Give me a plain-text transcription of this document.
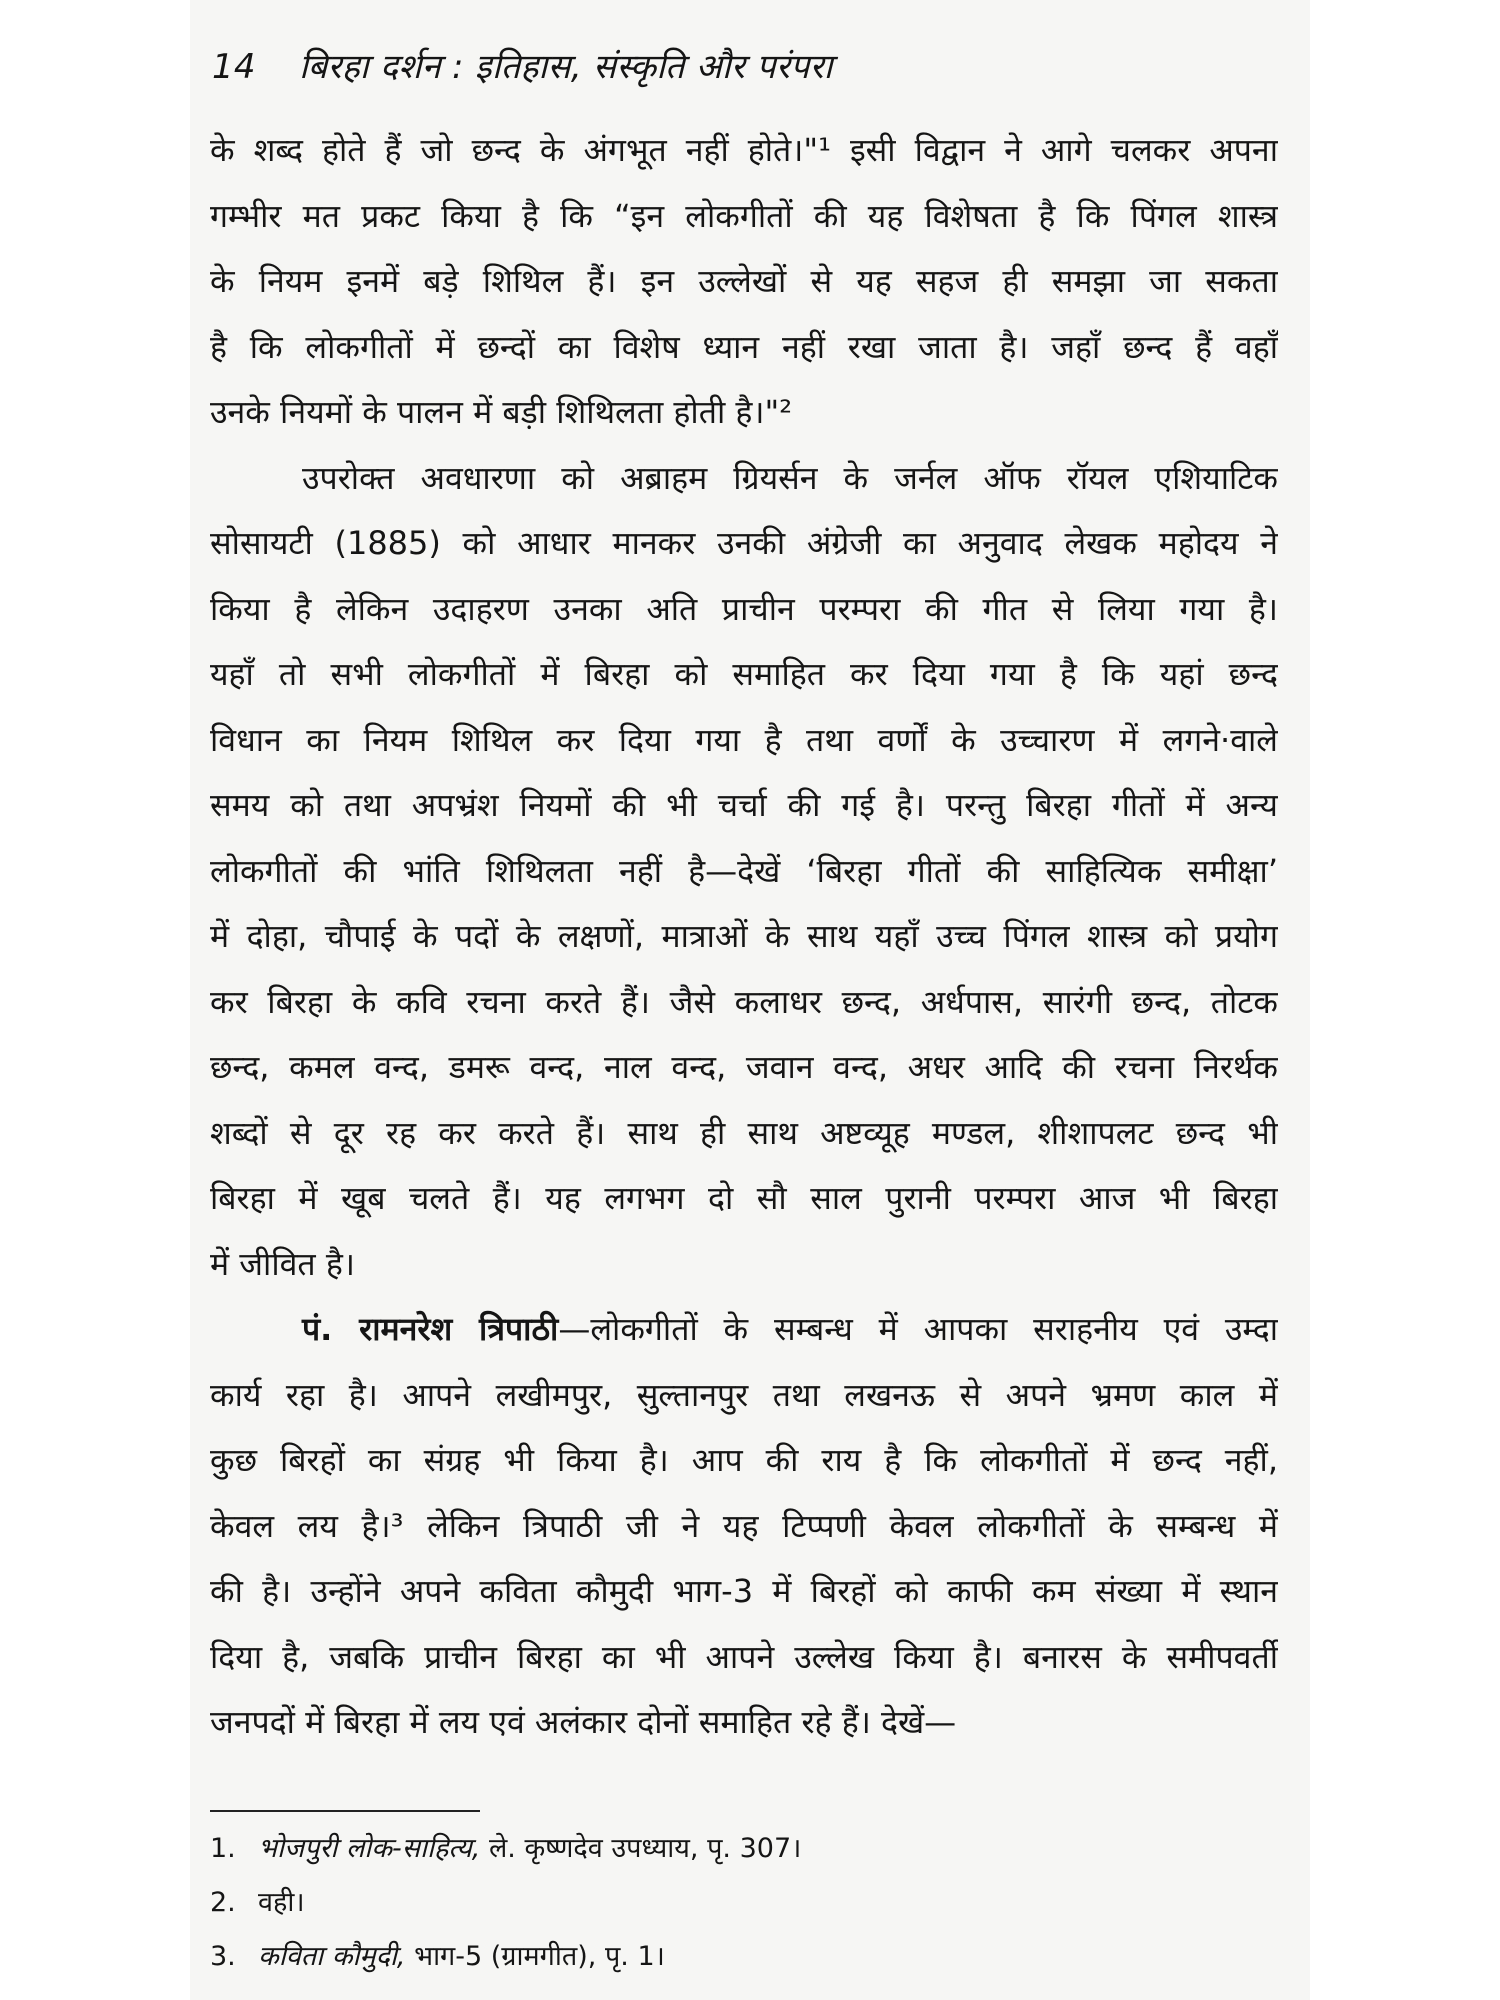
14 बिरहा दर्शन : इतिहास, संस्कृति और परंपरा
के शब्द होते हैं जो छन्द के अंगभूत नहीं होते।"¹ इसी विद्वान ने आगे चलकर अपना
गम्भीर मत प्रकट किया है कि “इन लोकगीतों की यह विशेषता है कि पिंगल शास्त्र
के नियम इनमें बड़े शिथिल हैं। इन उल्लेखों से यह सहज ही समझा जा सकता
है कि लोकगीतों में छन्दों का विशेष ध्यान नहीं रखा जाता है। जहाँ छन्द हैं वहाँ
उनके नियमों के पालन में बड़ी शिथिलता होती है।"²
उपरोक्त अवधारणा को अब्राहम ग्रियर्सन के जर्नल ऑफ रॉयल एशियाटिक
सोसायटी (1885) को आधार मानकर उनकी अंग्रेजी का अनुवाद लेखक महोदय ने
किया है लेकिन उदाहरण उनका अति प्राचीन परम्परा की गीत से लिया गया है।
यहाँ तो सभी लोकगीतों में बिरहा को समाहित कर दिया गया है कि यहां छन्द
विधान का नियम शिथिल कर दिया गया है तथा वर्णों के उच्चारण में लगने·वाले
समय को तथा अपभ्रंश नियमों की भी चर्चा की गई है। परन्तु बिरहा गीतों में अन्य
लोकगीतों की भांति शिथिलता नहीं है—देखें ‘बिरहा गीतों की साहित्यिक समीक्षा’
में दोहा, चौपाई के पदों के लक्षणों, मात्राओं के साथ यहाँ उच्च पिंगल शास्त्र को प्रयोग
कर बिरहा के कवि रचना करते हैं। जैसे कलाधर छन्द, अर्धपास, सारंगी छन्द, तोटक
छन्द, कमल वन्द, डमरू वन्द, नाल वन्द, जवान वन्द, अधर आदि की रचना निरर्थक
शब्दों से दूर रह कर करते हैं। साथ ही साथ अष्टव्यूह मण्डल, शीशापलट छन्द भी
बिरहा में खूब चलते हैं। यह लगभग दो सौ साल पुरानी परम्परा आज भी बिरहा
में जीवित है।
पं. रामनरेश त्रिपाठी—लोकगीतों के सम्बन्ध में आपका सराहनीय एवं उम्दा
कार्य रहा है। आपने लखीमपुर, सुल्तानपुर तथा लखनऊ से अपने भ्रमण काल में
कुछ बिरहों का संग्रह भी किया है। आप की राय है कि लोकगीतों में छन्द नहीं,
केवल लय है।³ लेकिन त्रिपाठी जी ने यह टिप्पणी केवल लोकगीतों के सम्बन्ध में
की है। उन्होंने अपने कविता कौमुदी भाग-3 में बिरहों को काफी कम संख्या में स्थान
दिया है, जबकि प्राचीन बिरहा का भी आपने उल्लेख किया है। बनारस के समीपवर्ती
जनपदों में बिरहा में लय एवं अलंकार दोनों समाहित रहे हैं। देखें—
1. भोजपुरी लोक-साहित्य, ले. कृष्णदेव उपध्याय, पृ. 307।
2. वही।
3. कविता कौमुदी, भाग-5 (ग्रामगीत), पृ. 1।
